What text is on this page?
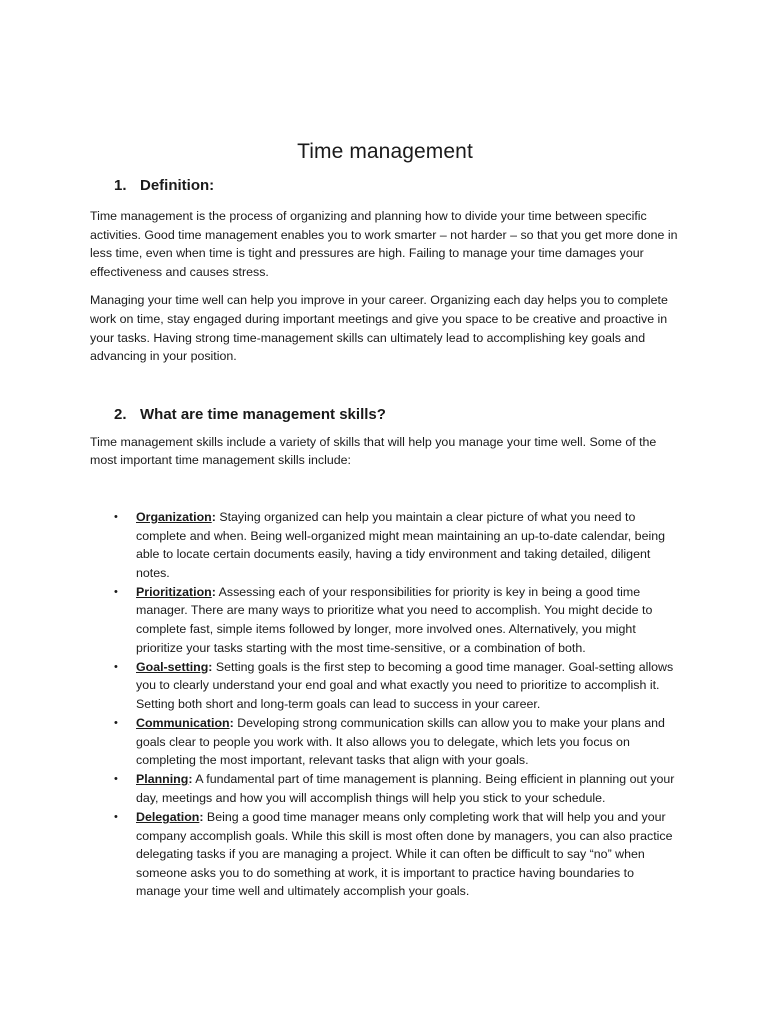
Time management
1. Definition:

Time management is the process of organizing and planning how to divide your time between specific activities. Good time management enables you to work smarter – not harder – so that you get more done in less time, even when time is tight and pressures are high. Failing to manage your time damages your effectiveness and causes stress.

Managing your time well can help you improve in your career. Organizing each day helps you to complete work on time, stay engaged during important meetings and give you space to be creative and proactive in your tasks. Having strong time-management skills can ultimately lead to accomplishing key goals and advancing in your position.

2. What are time management skills?

Time management skills include a variety of skills that will help you manage your time well. Some of the most important time management skills include:

• Organization: Staying organized can help you maintain a clear picture of what you need to complete and when. Being well-organized might mean maintaining an up-to-date calendar, being able to locate certain documents easily, having a tidy environment and taking detailed, diligent notes.
• Prioritization: Assessing each of your responsibilities for priority is key in being a good time manager. There are many ways to prioritize what you need to accomplish. You might decide to complete fast, simple items followed by longer, more involved ones. Alternatively, you might prioritize your tasks starting with the most time-sensitive, or a combination of both.
• Goal-setting: Setting goals is the first step to becoming a good time manager. Goal-setting allows you to clearly understand your end goal and what exactly you need to prioritize to accomplish it. Setting both short and long-term goals can lead to success in your career.
• Communication: Developing strong communication skills can allow you to make your plans and goals clear to people you work with. It also allows you to delegate, which lets you focus on completing the most important, relevant tasks that align with your goals.
• Planning: A fundamental part of time management is planning. Being efficient in planning out your day, meetings and how you will accomplish things will help you stick to your schedule.
• Delegation: Being a good time manager means only completing work that will help you and your company accomplish goals. While this skill is most often done by managers, you can also practice delegating tasks if you are managing a project. While it can often be difficult to say “no” when someone asks you to do something at work, it is important to practice having boundaries to manage your time well and ultimately accomplish your goals.
